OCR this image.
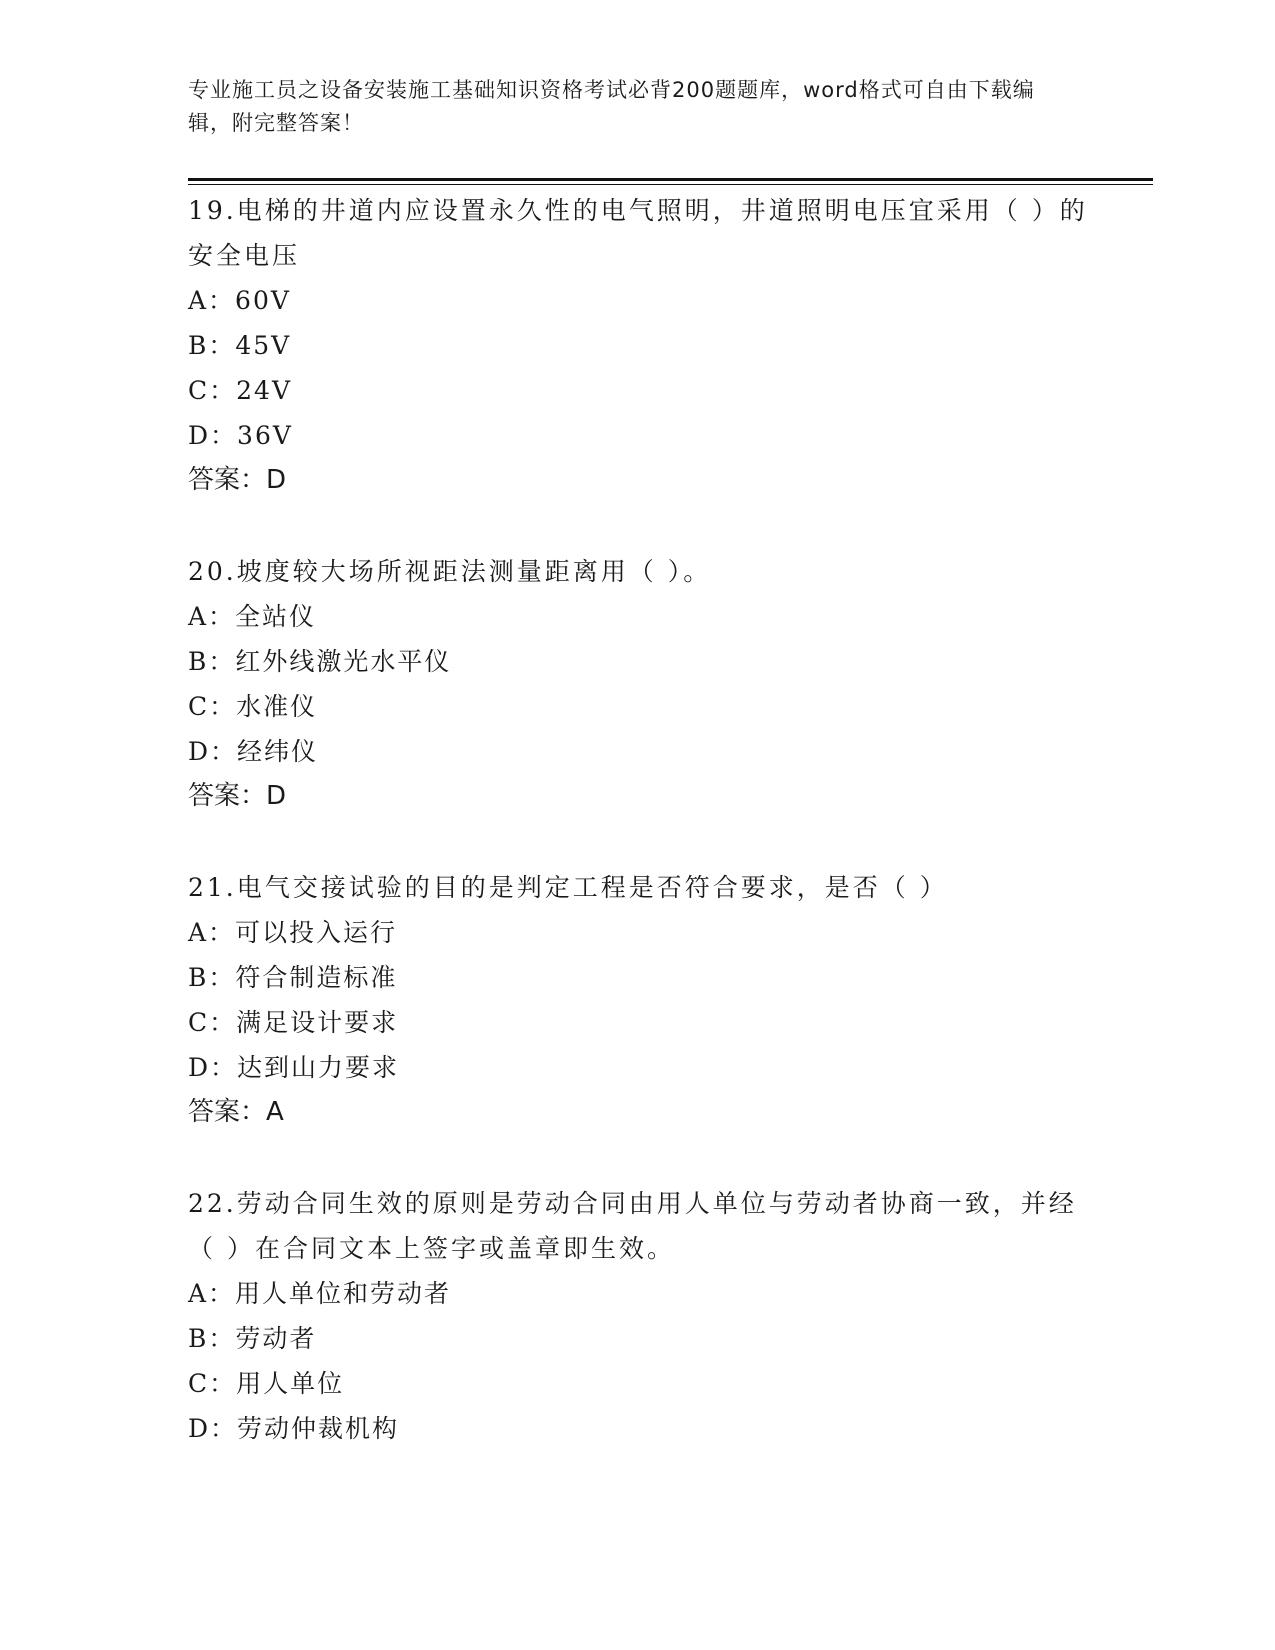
专业施工员之设备安装施工基础知识资格考试必背200题题库，word格式可自由下载编辑，附完整答案！

19.电梯的井道内应设置永久性的电气照明，井道照明电压宜采用（ ）的安全电压

A：60V

B：45V

C：24V

D：36V

答案：D

20.坡度较大场所视距法测量距离用（ ）。

A：全站仪

B：红外线激光水平仪

C：水准仪

D：经纬仪

答案：D

21.电气交接试验的目的是判定工程是否符合要求，是否（ ）

A：可以投入运行

B：符合制造标准

C：满足设计要求

D：达到山力要求

答案：A

22.劳动合同生效的原则是劳动合同由用人单位与劳动者协商一致，并经（ ）在合同文本上签字或盖章即生效。

A：用人单位和劳动者

B：劳动者

C：用人单位

D：劳动仲裁机构
